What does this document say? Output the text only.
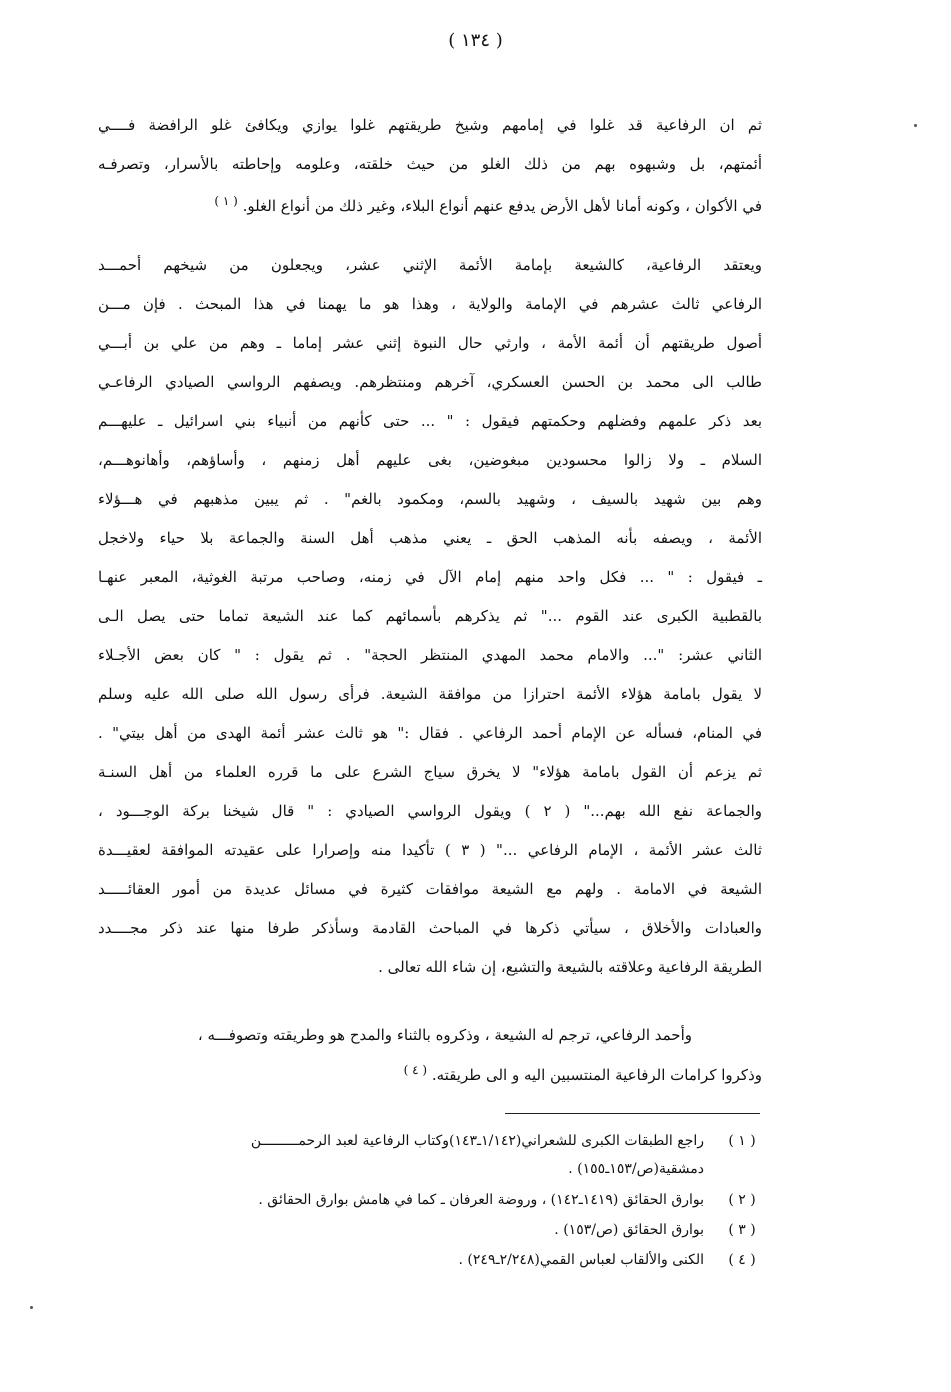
( ١٣٤ )
ثم ان الرفاعية قد غلوا في إمامهم وشيخ طريقتهم غلوا يوازي ويكافئ غلو الرافضة فــــي
أئمتهم، بل وشبهوه بهم من ذلك الغلو من حيث خلقته، وعلومه وإحاطته بالأسرار، وتصرفـه
في الأكوان ، وكونه أمانا لأهل الأرض يدفع عنهم أنواع البلاء، وغير ذلك من أنواع الغلو. $^{( ١ )}$
ويعتقد الرفاعية، كالشيعة بإمامة الأئمة الإثني عشر، ويجعلون من شيخهم أحمـــد
الرفاعي ثالث عشرهم في الإمامة والولاية ، وهذا هو ما يهمنا في هذا المبحث . فإن مـــن
أصول طريقتهم أن أئمة الأمة ، وارثي حال النبوة إثني عشر إماما ـ وهم من علي بن أبـــي
طالب الى محمد بن الحسن العسكري، آخرهم ومنتظرهم. ويصفهم الرواسي الصيادي الرفاعـي
بعد ذكر علمهم وفضلهم وحكمتهم فيقول : " ... حتى كأنهم من أنبياء بني اسرائيل ـ عليهـــم
السلام ـ ولا زالوا محسودين مبغوضين، بغى عليهم أهل زمنهم ، وأساؤهم، وأهانوهـــم،
وهم بين شهيد بالسيف ، وشهيد بالسم، ومكمود بالغم" . ثم يبين مذهبهم في هـــؤلاء
الأئمة ، ويصفه بأنه المذهب الحق ـ يعني مذهب أهل السنة والجماعة بلا حياء ولاخجل
ـ فيقول : " ... فكل واحد منهم إمام الآل في زمنه، وصاحب مرتبة الغوثية، المعبر عنهـا
بالقطبية الكبرى عند القوم ..." ثم يذكرهم بأسمائهم كما عند الشيعة تماما حتى يصل الـى
الثاني عشر: "... والامام محمد المهدي المنتظر الحجة" . ثم يقول : " كان بعض الأجـلاء
لا يقول بامامة هؤلاء الأئمة احترازا من موافقة الشيعة. فرأى رسول الله صلى الله عليه وسلم
في المنام، فسأله عن الإمام أحمد الرفاعي . فقال :" هو ثالث عشر أئمة الهدى من أهل بيتي" .
ثم يزعم أن القول بامامة هؤلاء" لا يخرق سياج الشرع على ما قرره العلماء من أهل السنـة
والجماعة نفع الله بهم..." ( ٢ ) ويقول الرواسي الصيادي : " قال شيخنا بركة الوجـــود ،
ثالث عشر الأئمة ، الإمام الرفاعي ..." ( ٣ ) تأكيدا منه وإصرارا على عقيدته الموافقة لعقيـــدة
الشيعة في الامامة . ولهم مع الشيعة موافقات كثيرة في مسائل عديدة من أمور العقائـــــد
والعبادات والأخلاق ، سيأتي ذكرها في المباحث القادمة وسأذكر طرفا منها عند ذكر مجــــدد
الطريقة الرفاعية وعلاقته بالشيعة والتشيع، إن شاء الله تعالى .
وأحمد الرفاعي، ترجم له الشيعة ، وذكروه بالثناء والمدح هو وطريقته وتصوفـــه ،
وذكروا كرامات الرفاعية المنتسبين اليه و الى طريقته. $^{( ٤ )}$
( ١ )
راجع الطبقات الكبرى للشعراني(١/١٤٢ـ١٤٣)وكتاب الرفاعية لعبد الرحمـــــــــن
دمشقية(ص/١٥٣ـ١٥٥) .
( ٢ )
بوارق الحقائق (١٤١٩ـ١٤٢) ، وروضة العرفان ـ كما في هامش بوارق الحقائق .
( ٣ )
بوارق الحقائق (ص/١٥٣) .
( ٤ )
الكنى والألقاب لعباس القمي(٢/٢٤٨ـ٢٤٩) .
